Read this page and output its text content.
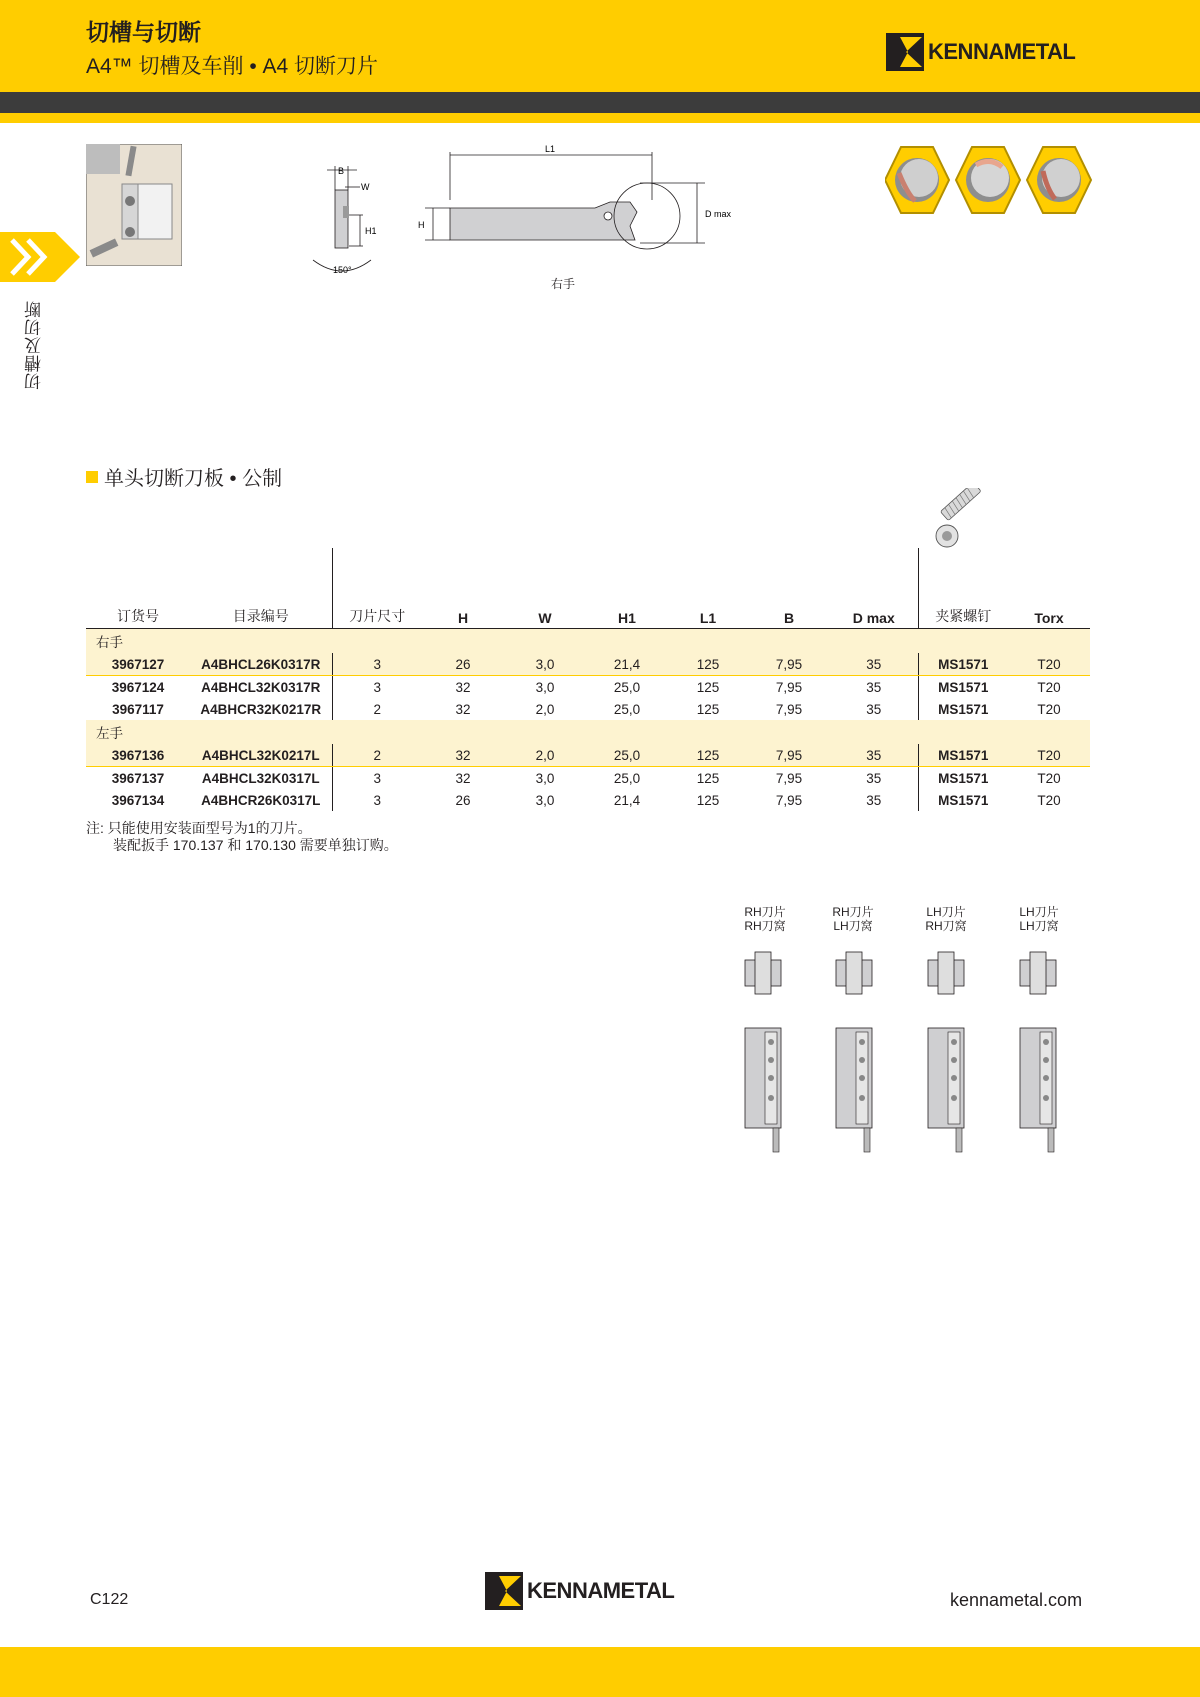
切槽与切断
A4™ 切槽及车削 • A4 切断刀片
KENNAMETAL
切槽及切断
B
W
H1
150°
L1
H
D max
右手
单头切断刀板 • 公制
订货号	目录编号	刀片尺寸	H	W	H1	L1	B	D max	夹紧螺钉	Torx
右手										
3967127	A4BHCL26K0317R	3	26	3,0	21,4	125	7,95	35	MS1571	T20
3967124	A4BHCL32K0317R	3	32	3,0	25,0	125	7,95	35	MS1571	T20
3967117	A4BHCR32K0217R	2	32	2,0	25,0	125	7,95	35	MS1571	T20
左手										
3967136	A4BHCL32K0217L	2	32	2,0	25,0	125	7,95	35	MS1571	T20
3967137	A4BHCL32K0317L	3	32	3,0	25,0	125	7,95	35	MS1571	T20
3967134	A4BHCR26K0317L	3	26	3,0	21,4	125	7,95	35	MS1571	T20
注: 只能使用安装面型号为1的刀片。
装配扳手 170.137 和 170.130 需要单独订购。
RH刀片
RH刀窝
RH刀片
LH刀窝
LH刀片
RH刀窝
LH刀片
LH刀窝
C122	KENNAMETAL	kennametal.com
